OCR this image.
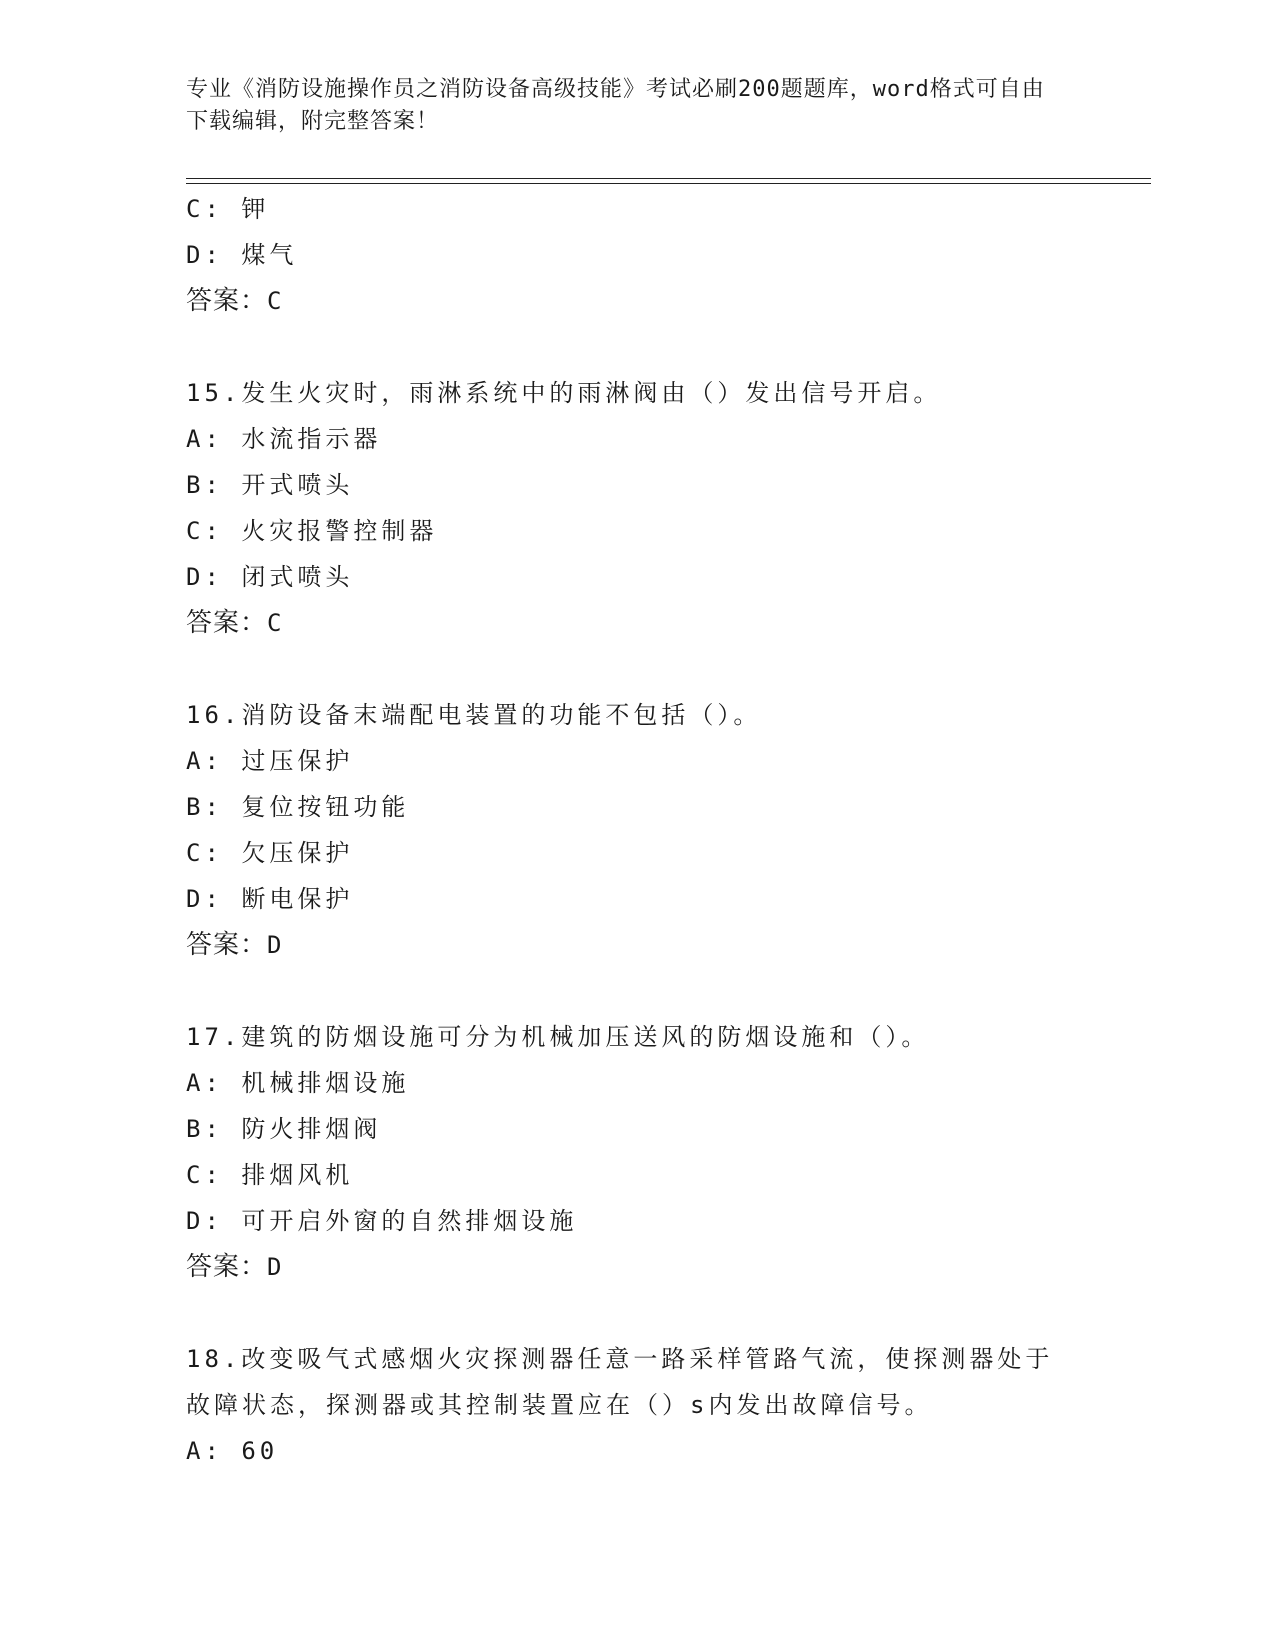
专业《消防设施操作员之消防设备高级技能》考试必刷200题题库，word格式可自由下载编辑，附完整答案！
C: 钾
D: 煤气
答案：C
15.发生火灾时，雨淋系统中的雨淋阀由（）发出信号开启。
A: 水流指示器
B: 开式喷头
C: 火灾报警控制器
D: 闭式喷头
答案：C
16.消防设备末端配电装置的功能不包括（）。
A: 过压保护
B: 复位按钮功能
C: 欠压保护
D: 断电保护
答案：D
17.建筑的防烟设施可分为机械加压送风的防烟设施和（）。
A: 机械排烟设施
B: 防火排烟阀
C: 排烟风机
D: 可开启外窗的自然排烟设施
答案：D
18.改变吸气式感烟火灾探测器任意一路采样管路气流，使探测器处于
故障状态，探测器或其控制装置应在（）s内发出故障信号。
A: 60
